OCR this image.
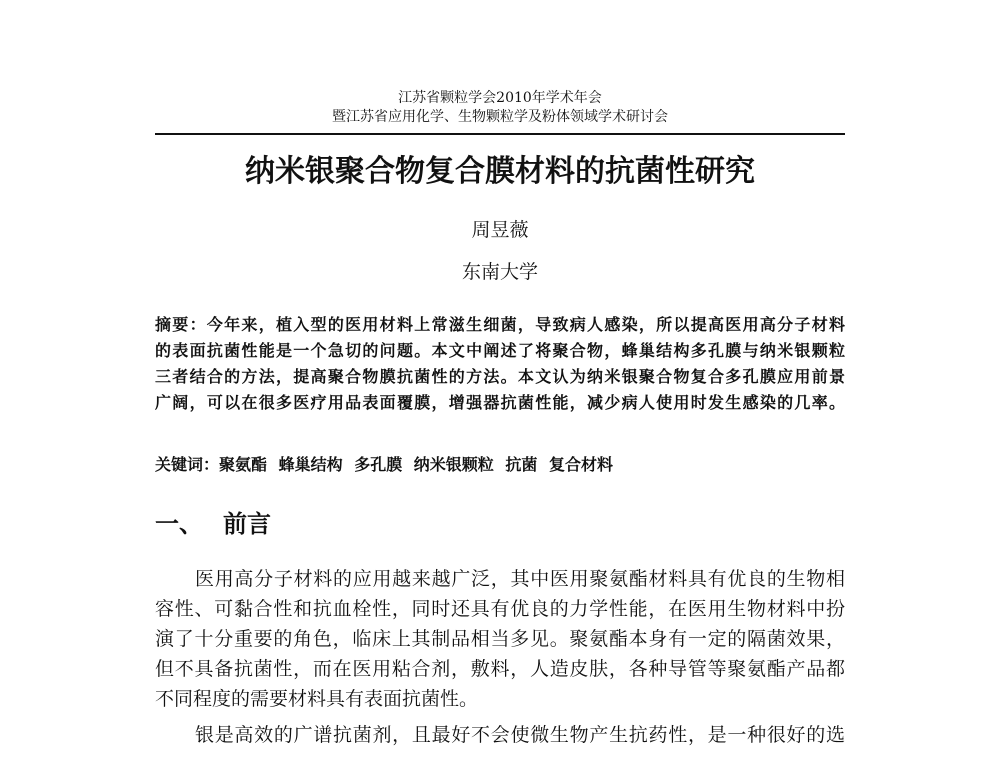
江苏省颗粒学会2010年学术年会
暨江苏省应用化学、生物颗粒学及粉体领域学术研讨会
纳米银聚合物复合膜材料的抗菌性研究
周昱薇
东南大学
摘要：今年来，植入型的医用材料上常滋生细菌，导致病人感染，所以提高医用高分子材料
的表面抗菌性能是一个急切的问题。本文中阐述了将聚合物，蜂巢结构多孔膜与纳米银颗粒
三者结合的方法，提高聚合物膜抗菌性的方法。本文认为纳米银聚合物复合多孔膜应用前景
广阔，可以在很多医疗用品表面覆膜，增强器抗菌性能，减少病人使用时发生感染的几率。
关键词：聚氨酯 蜂巢结构 多孔膜 纳米银颗粒 抗菌 复合材料
一、 前言
医用高分子材料的应用越来越广泛，其中医用聚氨酯材料具有优良的生物相
容性、可黏合性和抗血栓性，同时还具有优良的力学性能，在医用生物材料中扮
演了十分重要的角色，临床上其制品相当多见。聚氨酯本身有一定的隔菌效果，
但不具备抗菌性，而在医用粘合剂，敷料，人造皮肤，各种导管等聚氨酯产品都
不同程度的需要材料具有表面抗菌性。
银是高效的广谱抗菌剂，且最好不会使微生物产生抗药性，是一种很好的选
